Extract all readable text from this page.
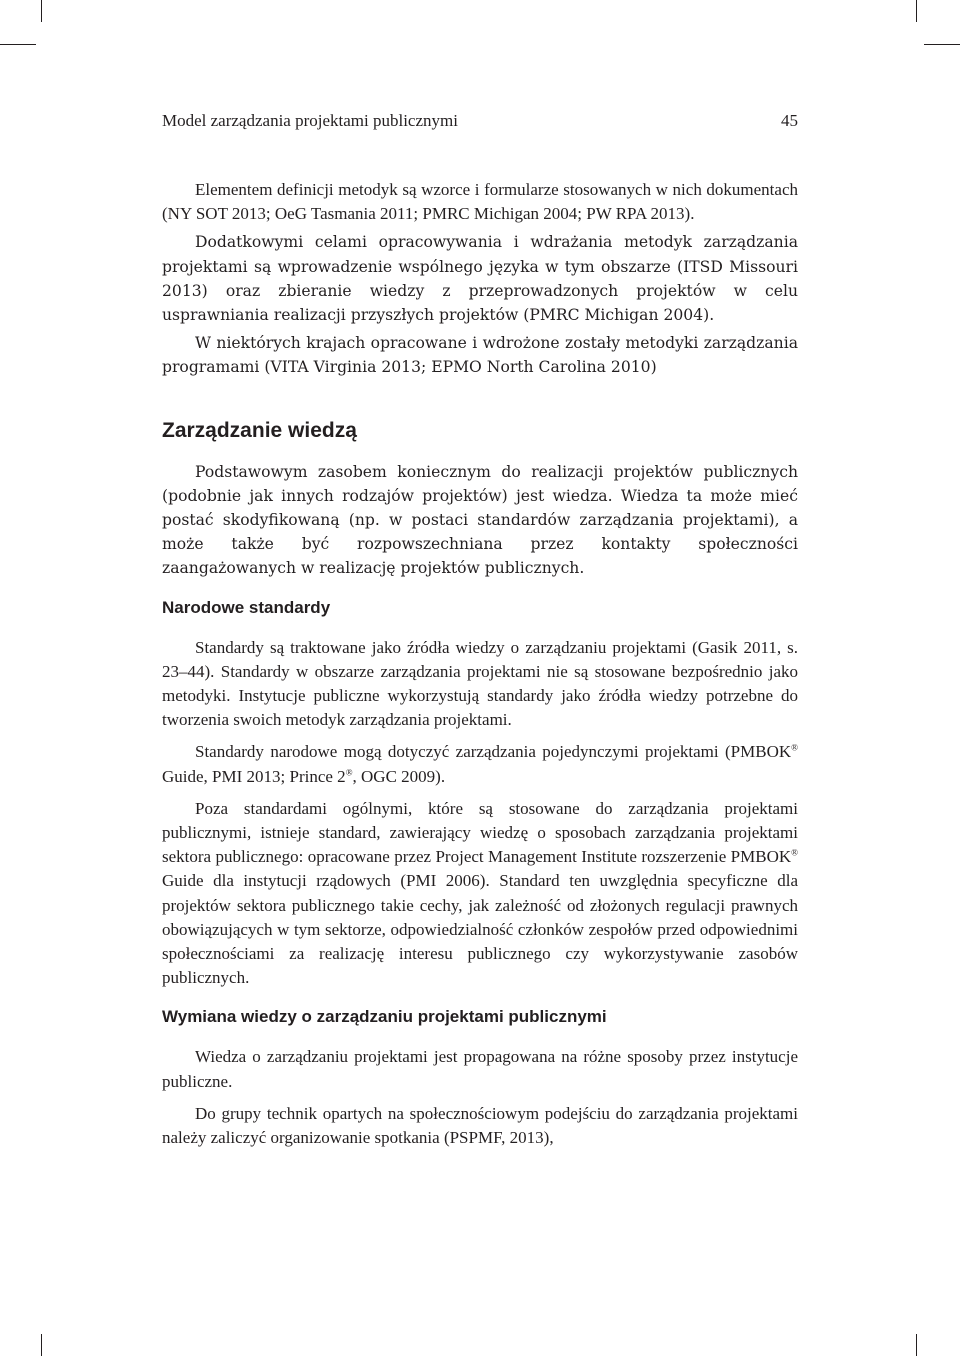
Model zarządzania projektami publicznymi	45

Elementem definicji metodyk są wzorce i formularze stosowanych w nich dokumentach (NY SOT 2013; OeG Tasmania 2011; PMRC Michigan 2004; PW RPA 2013).

Dodatkowymi celami opracowywania i wdrażania metodyk zarządzania projektami są wprowadzenie wspólnego języka w tym obszarze (ITSD Missouri 2013) oraz zbieranie wiedzy z przeprowadzonych projektów w celu usprawniania realizacji przyszłych projektów (PMRC Michigan 2004).

W niektórych krajach opracowane i wdrożone zostały metodyki zarządzania programami (VITA Virginia 2013; EPMO North Carolina 2010)

Zarządzanie wiedzą

Podstawowym zasobem koniecznym do realizacji projektów publicznych (podobnie jak innych rodzajów projektów) jest wiedza. Wiedza ta może mieć postać skodyfikowaną (np. w postaci standardów zarządzania projektami), a może także być rozpowszechniana przez kontakty społeczności zaangażowanych w realizację projektów publicznych.

Narodowe standardy

Standardy są traktowane jako źródła wiedzy o zarządzaniu projektami (Gasik 2011, s. 23–44). Standardy w obszarze zarządzania projektami nie są stosowane bezpośrednio jako metodyki. Instytucje publiczne wykorzystują standardy jako źródła wiedzy potrzebne do tworzenia swoich metodyk zarządzania projektami.

Standardy narodowe mogą dotyczyć zarządzania pojedynczymi projektami (PMBOK® Guide, PMI 2013; Prince 2®, OGC 2009).

Poza standardami ogólnymi, które są stosowane do zarządzania projektami publicznymi, istnieje standard, zawierający wiedzę o sposobach zarządzania projektami sektora publicznego: opracowane przez Project Management Institute rozszerzenie PMBOK® Guide dla instytucji rządowych (PMI 2006). Standard ten uwzględnia specyficzne dla projektów sektora publicznego takie cechy, jak zależność od złożonych regulacji prawnych obowiązujących w tym sektorze, odpowiedzialność członków zespołów przed odpowiednimi społecznościami za realizację interesu publicznego czy wykorzystywanie zasobów publicznych.

Wymiana wiedzy o zarządzaniu projektami publicznymi

Wiedza o zarządzaniu projektami jest propagowana na różne sposoby przez instytucje publiczne.

Do grupy technik opartych na społecznościowym podejściu do zarządzania projektami należy zaliczyć organizowanie spotkania (PSPMF, 2013),
